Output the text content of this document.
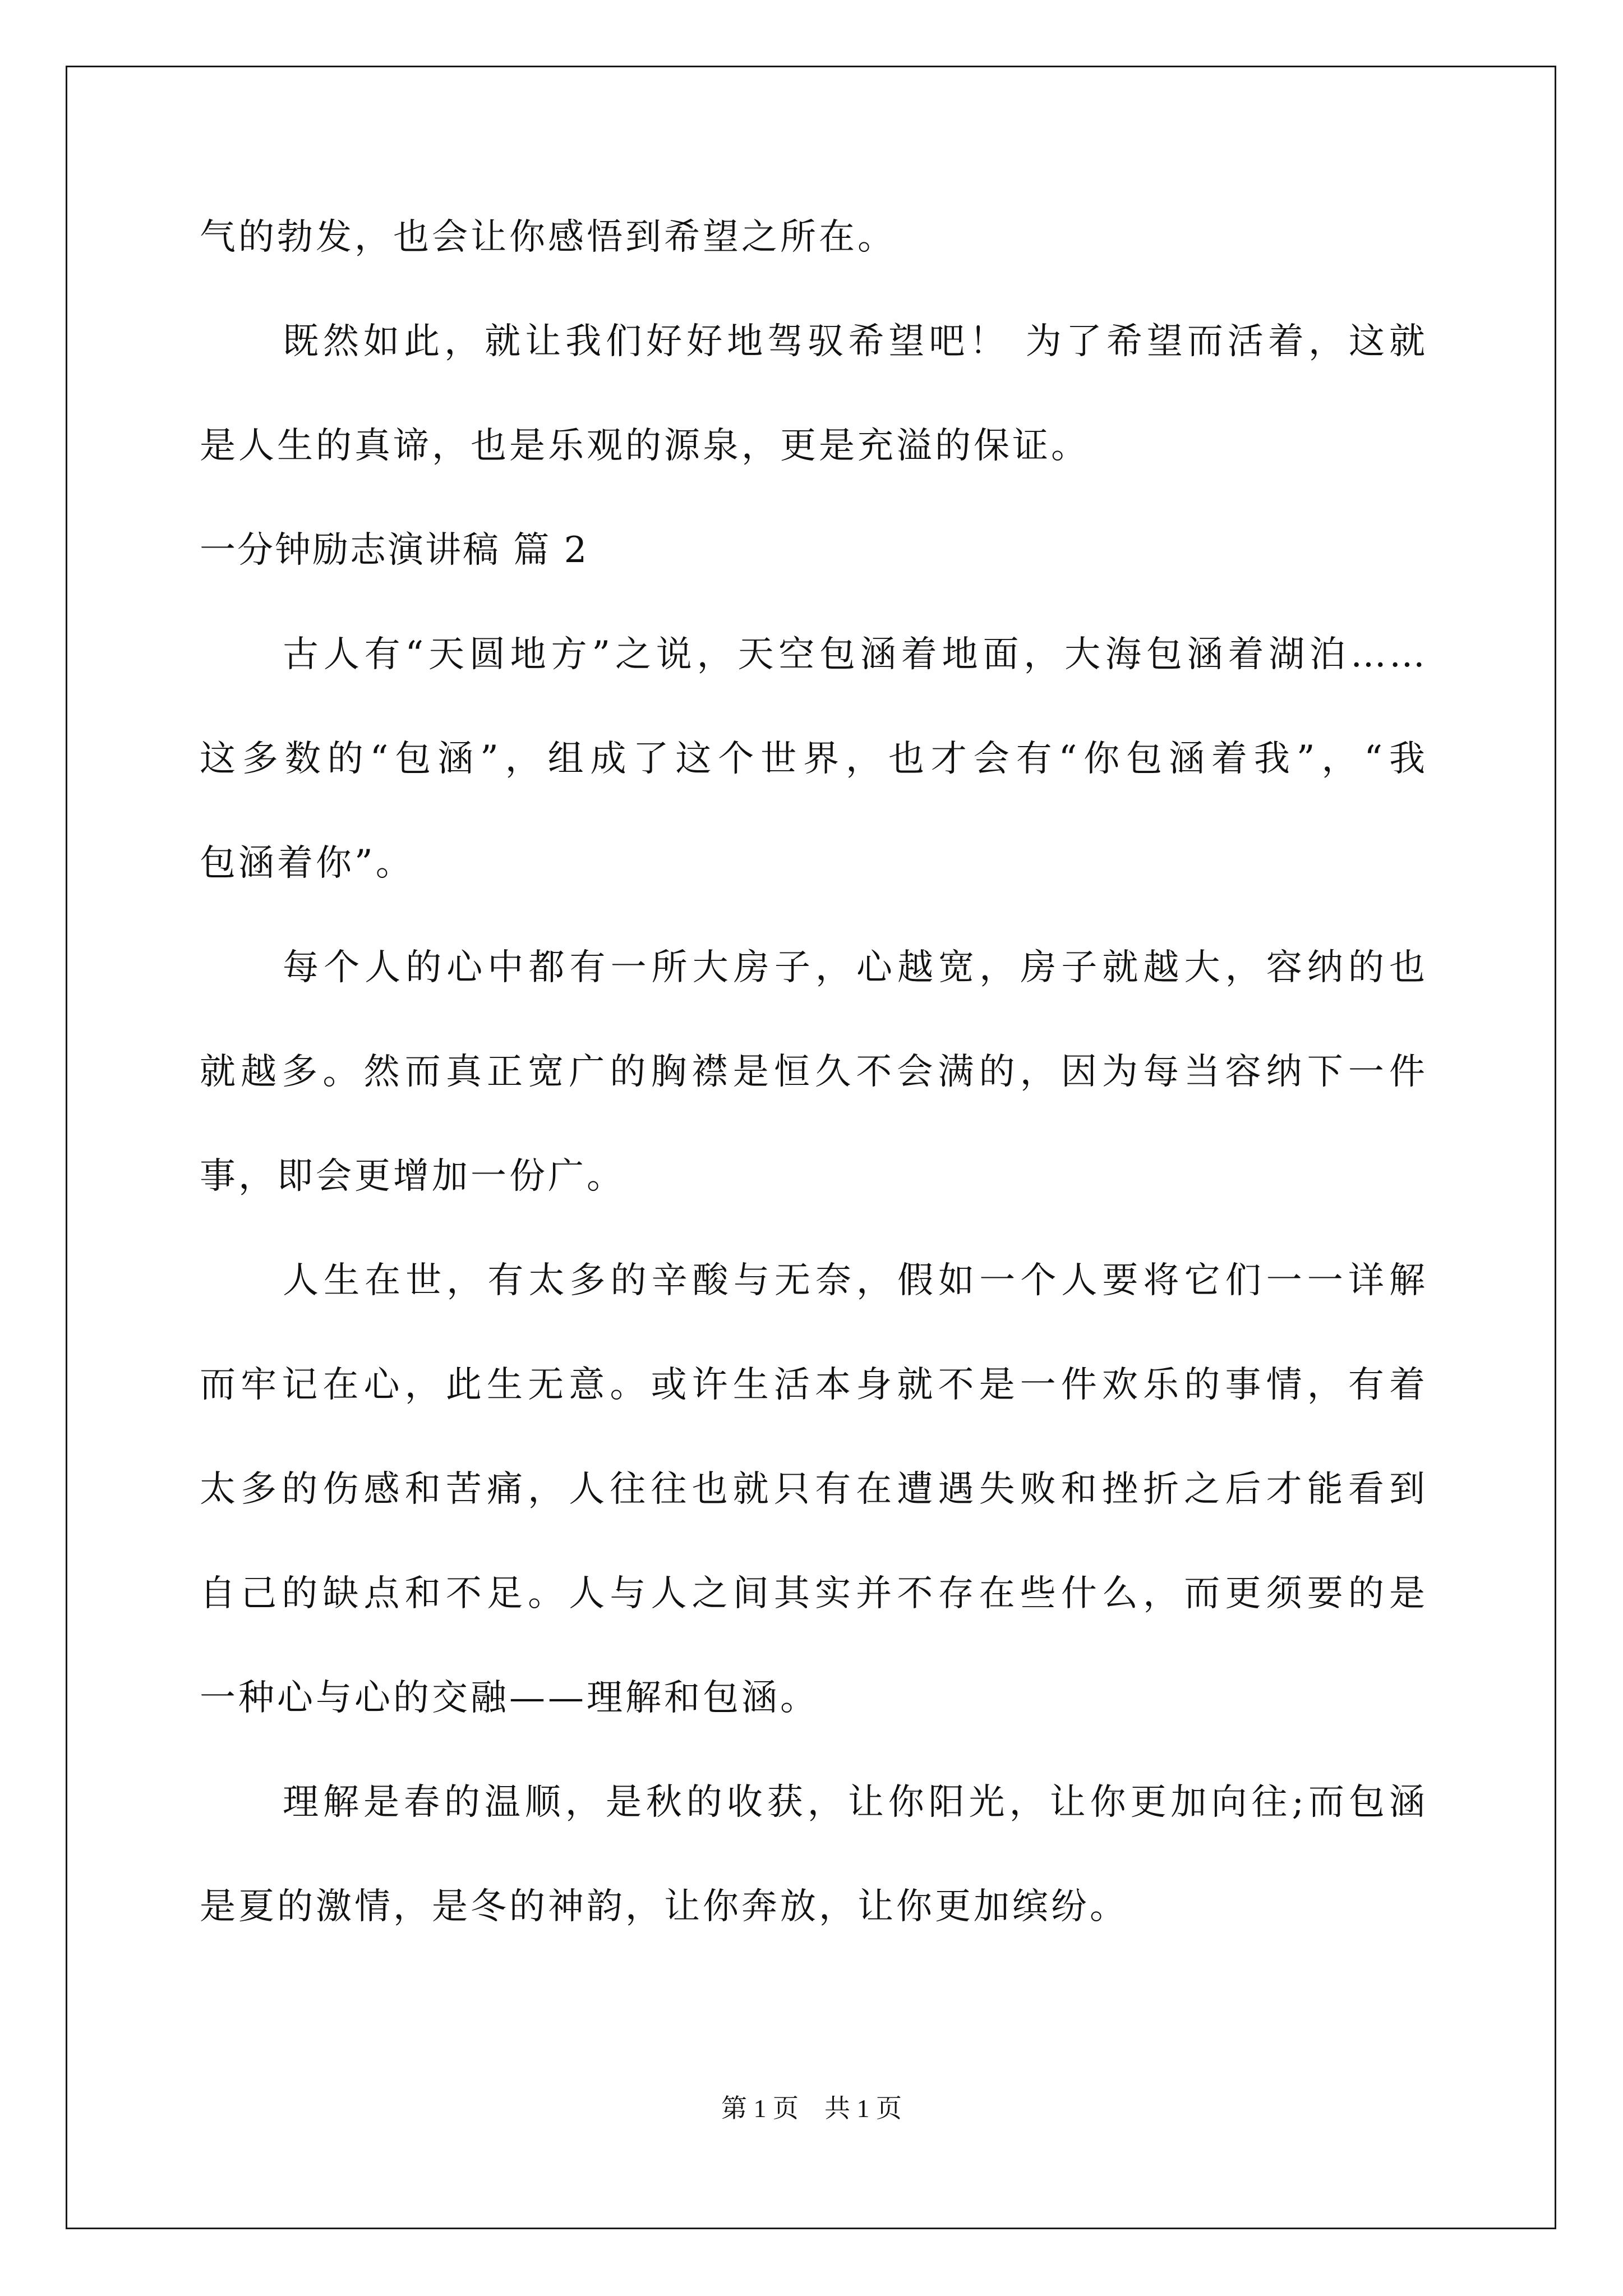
气的勃发，也会让你感悟到希望之所在。
既然如此，就让我们好好地驾驭希望吧！ 为了希望而活着，这就
是人生的真谛，也是乐观的源泉，更是充溢的保证。
一分钟励志演讲稿 篇 2
古人有“天圆地方”之说，天空包涵着地面，大海包涵着湖泊……
这多数的“包涵”，组成了这个世界，也才会有“你包涵着我”，“我
包涵着你”。
每个人的心中都有一所大房子，心越宽，房子就越大，容纳的也
就越多。然而真正宽广的胸襟是恒久不会满的，因为每当容纳下一件
事，即会更增加一份广。
人生在世，有太多的辛酸与无奈，假如一个人要将它们一一详解
而牢记在心，此生无意。或许生活本身就不是一件欢乐的事情，有着
太多的伤感和苦痛，人往往也就只有在遭遇失败和挫折之后才能看到
自己的缺点和不足。人与人之间其实并不存在些什么，而更须要的是
一种心与心的交融——理解和包涵。
理解是春的温顺，是秋的收获，让你阳光，让你更加向往;而包涵
是夏的激情，是冬的神韵，让你奔放，让你更加缤纷。
第 1 页　共 1 页
